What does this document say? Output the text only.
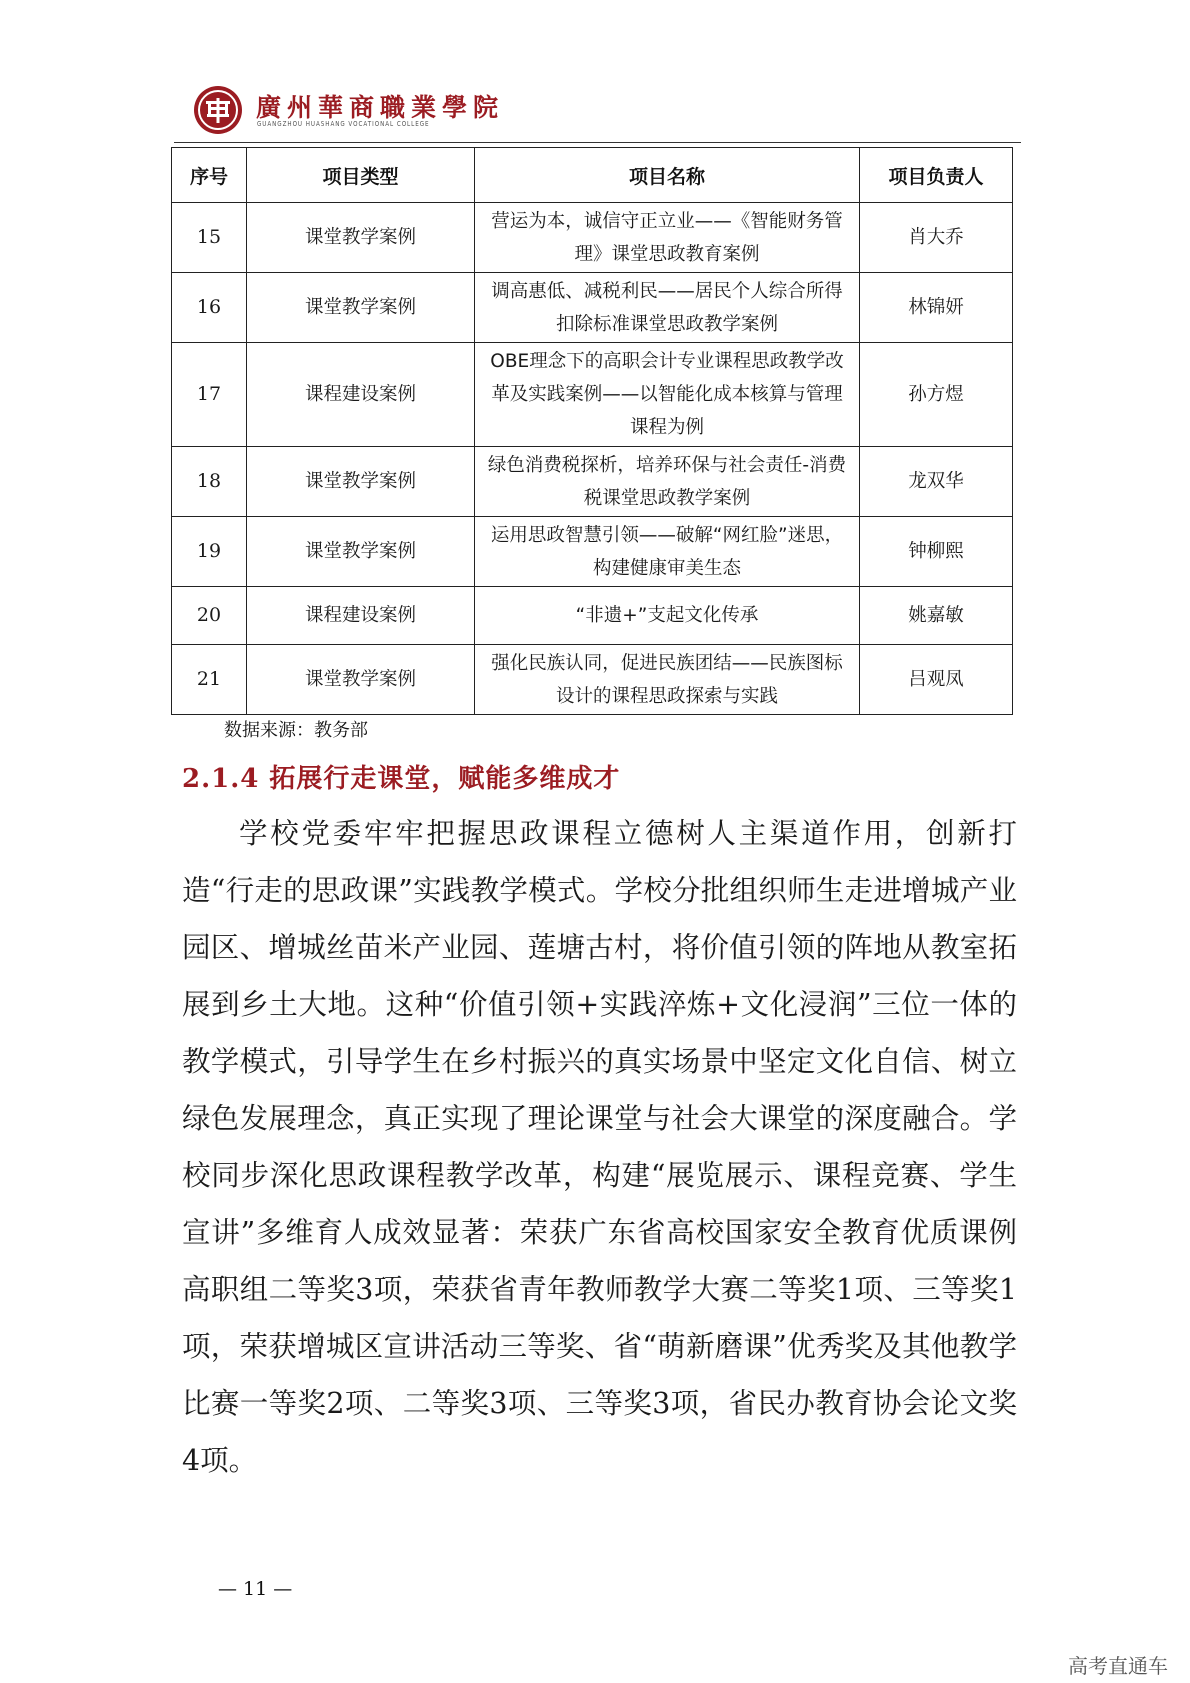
廣州華商職業學院
GUANGZHOU HUASHANG VOCATIONAL COLLEGE
序号	项目类型	项目名称	项目负责人
15	课堂教学案例	营运为本，诚信守正立业——《智能财务管理》课堂思政教育案例	肖大乔
16	课堂教学案例	调高惠低、减税利民——居民个人综合所得扣除标准课堂思政教学案例	林锦妍
17	课程建设案例	OBE理念下的高职会计专业课程思政教学改革及实践案例——以智能化成本核算与管理课程为例	孙方煜
18	课堂教学案例	绿色消费税探析，培养环保与社会责任-消费税课堂思政教学案例	龙双华
19	课堂教学案例	运用思政智慧引领——破解“网红脸”迷思，构建健康审美生态	钟柳熙
20	课程建设案例	“非遗+”支起文化传承	姚嘉敏
21	课堂教学案例	强化民族认同，促进民族团结——民族图标设计的课程思政探索与实践	吕观凤
数据来源：教务部
2.1.4 拓展行走课堂，赋能多维成才

学校党委牢牢把握思政课程立德树人主渠道作用，创新打造“行走的思政课”实践教学模式。学校分批组织师生走进增城产业园区、增城丝苗米产业园、莲塘古村，将价值引领的阵地从教室拓展到乡土大地。这种“价值引领+实践淬炼+文化浸润”三位一体的教学模式，引导学生在乡村振兴的真实场景中坚定文化自信、树立绿色发展理念，真正实现了理论课堂与社会大课堂的深度融合。学校同步深化思政课程教学改革，构建“展览展示、课程竞赛、学生宣讲”多维育人成效显著：荣获广东省高校国家安全教育优质课例高职组二等奖3项，荣获省青年教师教学大赛二等奖1项、三等奖1项，荣获增城区宣讲活动三等奖、省“萌新磨课”优秀奖及其他教学比赛一等奖2项、二等奖3项、三等奖3项，省民办教育协会论文奖4项。

— 11 —
高考直通车
